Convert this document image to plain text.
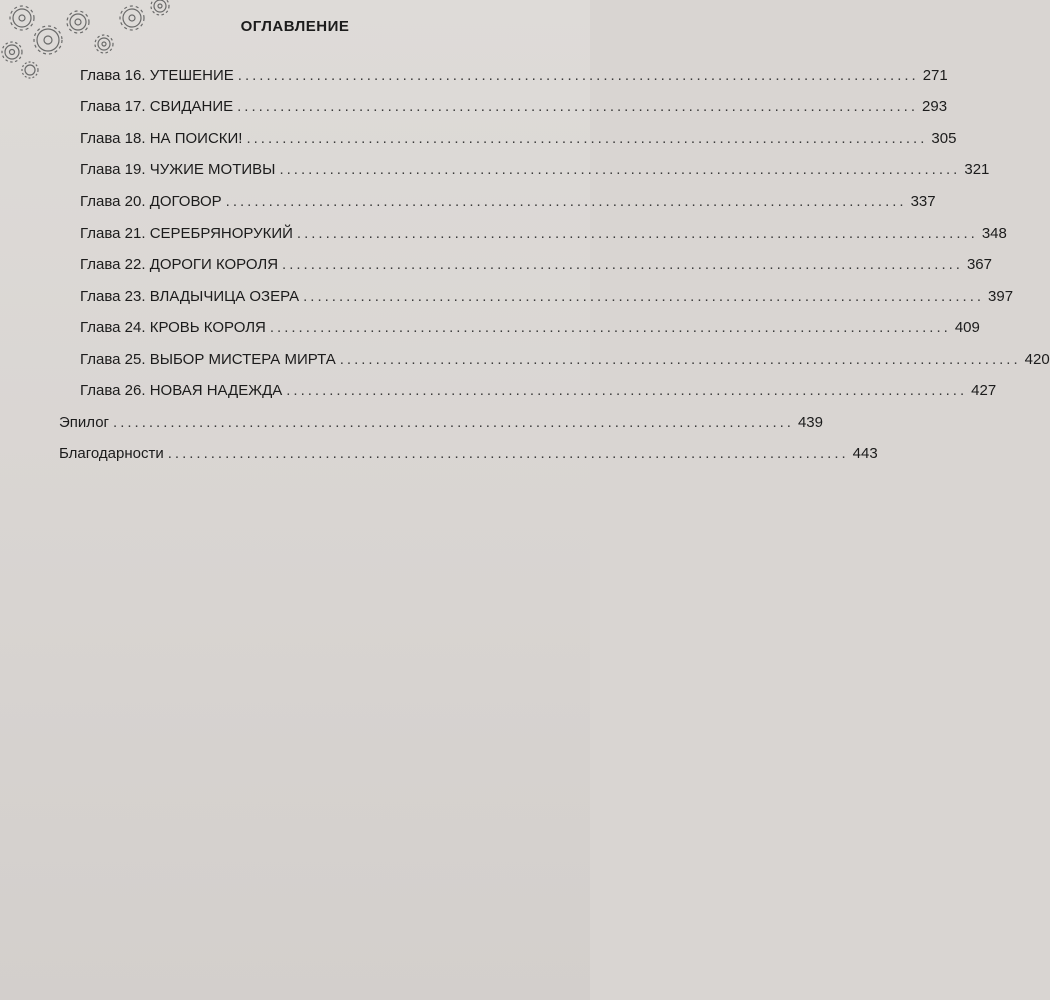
ОГЛАВЛЕНИЕ
Глава 16. УТЕШЕНИЕ ............................................................................................... 271
Глава 17. СВИДАНИЕ ............................................................................................... 293
Глава 18. НА ПОИСКИ! ............................................................................................... 305
Глава 19. ЧУЖИЕ МОТИВЫ ............................................................................................... 321
Глава 20. ДОГОВОР ............................................................................................... 337
Глава 21. СЕРЕБРЯНОРУКИЙ ............................................................................................... 348
Глава 22. ДОРОГИ КОРОЛЯ ............................................................................................... 367
Глава 23. ВЛАДЫЧИЦА ОЗЕРА ............................................................................................... 397
Глава 24. КРОВЬ КОРОЛЯ ............................................................................................... 409
Глава 25. ВЫБОР МИСТЕРА МИРТА ............................................................................................... 420
Глава 26. НОВАЯ НАДЕЖДА ............................................................................................... 427
Эпилог ............................................................................................... 439
Благодарности ............................................................................................... 443
